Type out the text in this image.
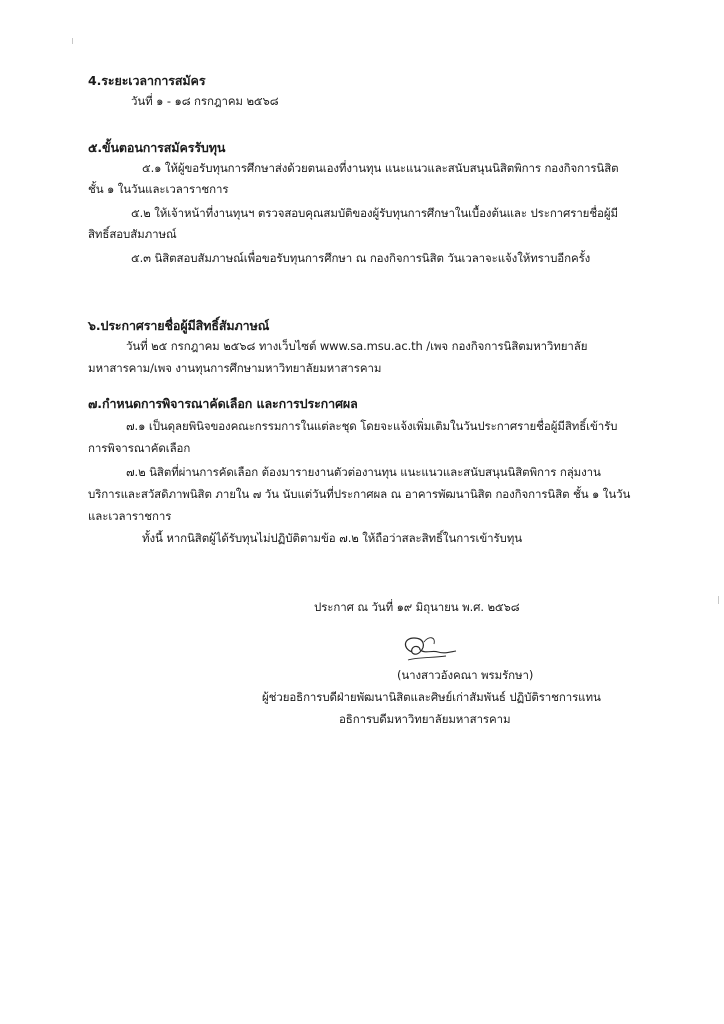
4.ระยะเวลาการสมัคร
วันที่ ๑ - ๑๘ กรกฎาคม ๒๕๖๘
๕.ขั้นตอนการสมัครรับทุน
๕.๑ ให้ผู้ขอรับทุนการศึกษาส่งด้วยตนเองที่งานทุน แนะแนวและสนับสนุนนิสิตพิการ กองกิจการนิสิต
ชั้น ๑ ในวันและเวลาราชการ
๕.๒ ให้เจ้าหน้าที่งานทุนฯ ตรวจสอบคุณสมบัติของผู้รับทุนการศึกษาในเบื้องต้นและ ประกาศรายชื่อผู้มี
สิทธิ์สอบสัมภาษณ์
๕.๓ นิสิตสอบสัมภาษณ์เพื่อขอรับทุนการศึกษา ณ กองกิจการนิสิต วันเวลาจะแจ้งให้ทราบอีกครั้ง
๖.ประกาศรายชื่อผู้มีสิทธิ์สัมภาษณ์
วันที่ ๒๕ กรกฎาคม ๒๕๖๘ ทางเว็บไซต์ www.sa.msu.ac.th /เพจ กองกิจการนิสิตมหาวิทยาลัย
มหาสารคาม/เพจ งานทุนการศึกษามหาวิทยาลัยมหาสารคาม
๗.กำหนดการพิจารณาคัดเลือก และการประกาศผล
๗.๑ เป็นดุลยพินิจของคณะกรรมการในแต่ละชุด โดยจะแจ้งเพิ่มเติมในวันประกาศรายชื่อผู้มีสิทธิ์เข้ารับ
การพิจารณาคัดเลือก
๗.๒ นิสิตที่ผ่านการคัดเลือก ต้องมารายงานตัวต่องานทุน แนะแนวและสนับสนุนนิสิตพิการ กลุ่มงาน
บริการและสวัสดิภาพนิสิต ภายใน ๗ วัน นับแต่วันที่ประกาศผล ณ อาคารพัฒนานิสิต กองกิจการนิสิต ชั้น ๑ ในวัน
และเวลาราชการ
ทั้งนี้ หากนิสิตผู้ได้รับทุนไม่ปฏิบัติตามข้อ ๗.๒ ให้ถือว่าสละสิทธิ์ในการเข้ารับทุน
ประกาศ ณ วันที่ ๑๙ มิถุนายน พ.ศ. ๒๕๖๘
(นางสาวอังคณา พรมรักษา)
ผู้ช่วยอธิการบดีฝ่ายพัฒนานิสิตและศิษย์เก่าสัมพันธ์ ปฏิบัติราชการแทน
อธิการบดีมหาวิทยาลัยมหาสารคาม
